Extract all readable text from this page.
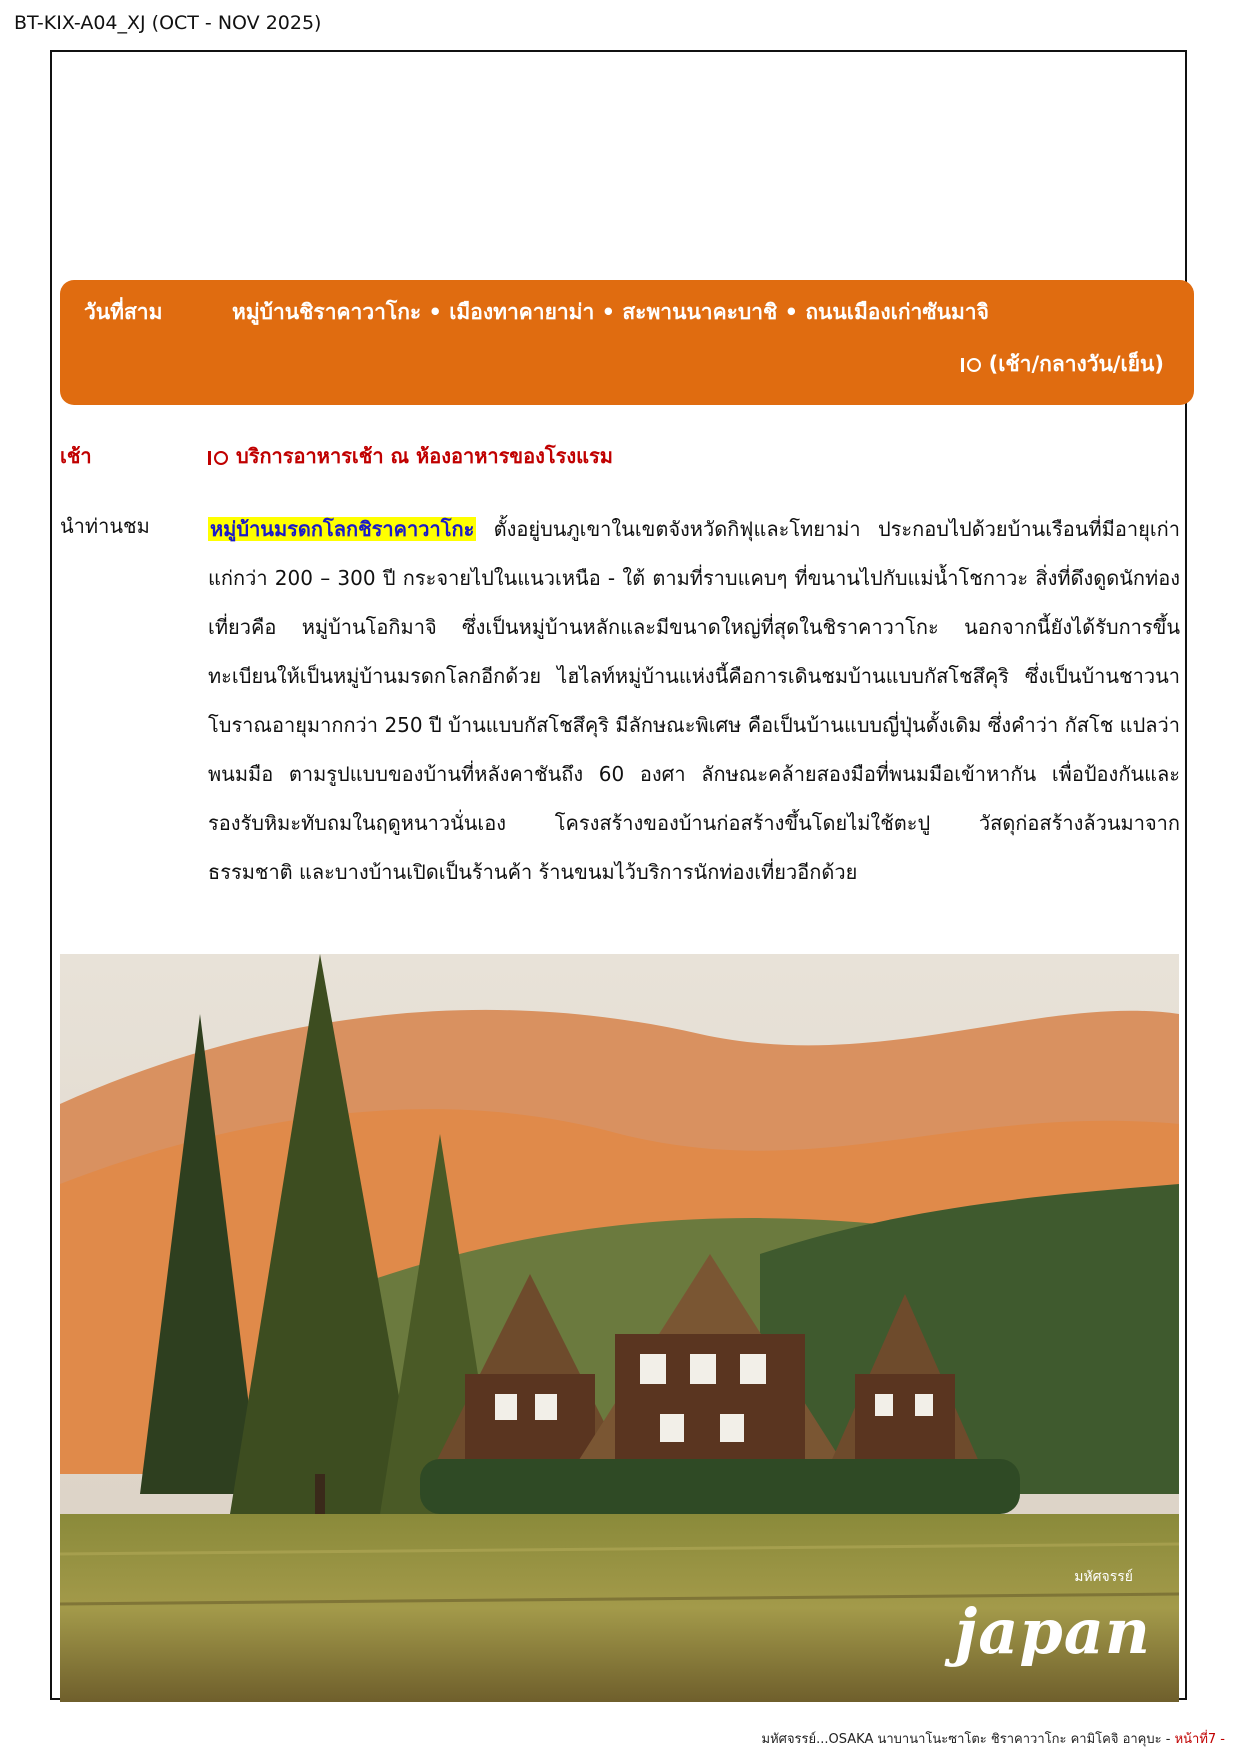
BT-KIX-A04_XJ (OCT - NOV 2025)
วันที่สาม	หมู่บ้านชิราคาวาโกะ • เมืองทาคายาม่า • สะพานนาคะบาชิ • ถนนเมืองเก่าซันมาจิ
(เช้า/กลางวัน/เย็น)
เช้า	บริการอาหารเช้า ณ ห้องอาหารของโรงแรม
นำท่านชม	หมู่บ้านมรดกโลกชิราคาวาโกะ ตั้งอยู่บนภูเขาในเขตจังหวัดกิฟุและโทยาม่า ประกอบไปด้วยบ้านเรือนที่มีอายุเก่าแก่กว่า 200 – 300 ปี กระจายไปในแนวเหนือ - ใต้ ตามที่ราบแคบๆ ที่ขนานไปกับแม่น้ำโชกาวะ สิ่งที่ดึงดูดนักท่องเที่ยวคือ หมู่บ้านโอกิมาจิ ซึ่งเป็นหมู่บ้านหลักและมีขนาดใหญ่ที่สุดในชิราคาวาโกะ นอกจากนี้ยังได้รับการขึ้นทะเบียนให้เป็นหมู่บ้านมรดกโลกอีกด้วย ไฮไลท์หมู่บ้านแห่งนี้คือการเดินชมบ้านแบบกัสโชสึคุริ ซึ่งเป็นบ้านชาวนาโบราณอายุมากกว่า 250 ปี บ้านแบบกัสโชสึคุริ มีลักษณะพิเศษ คือเป็นบ้านแบบญี่ปุ่นดั้งเดิม ซึ่งคำว่า กัสโช แปลว่า พนมมือ ตามรูปแบบของบ้านที่หลังคาชันถึง 60 องศา ลักษณะคล้ายสองมือที่พนมมือเข้าหากัน เพื่อป้องกันและรองรับหิมะทับถมในฤดูหนาวนั่นเอง โครงสร้างของบ้านก่อสร้างขึ้นโดยไม่ใช้ตะปู วัสดุก่อสร้างล้วนมาจากธรรมชาติ และบางบ้านเปิดเป็นร้านค้า ร้านขนมไว้บริการนักท่องเที่ยวอีกด้วย

มหัศจรรย์
japan
มหัศจรรย์...OSAKA นาบานาโนะซาโตะ ชิราคาวาโกะ คามิโคจิ อาคุบะ - หน้าที่7 -
